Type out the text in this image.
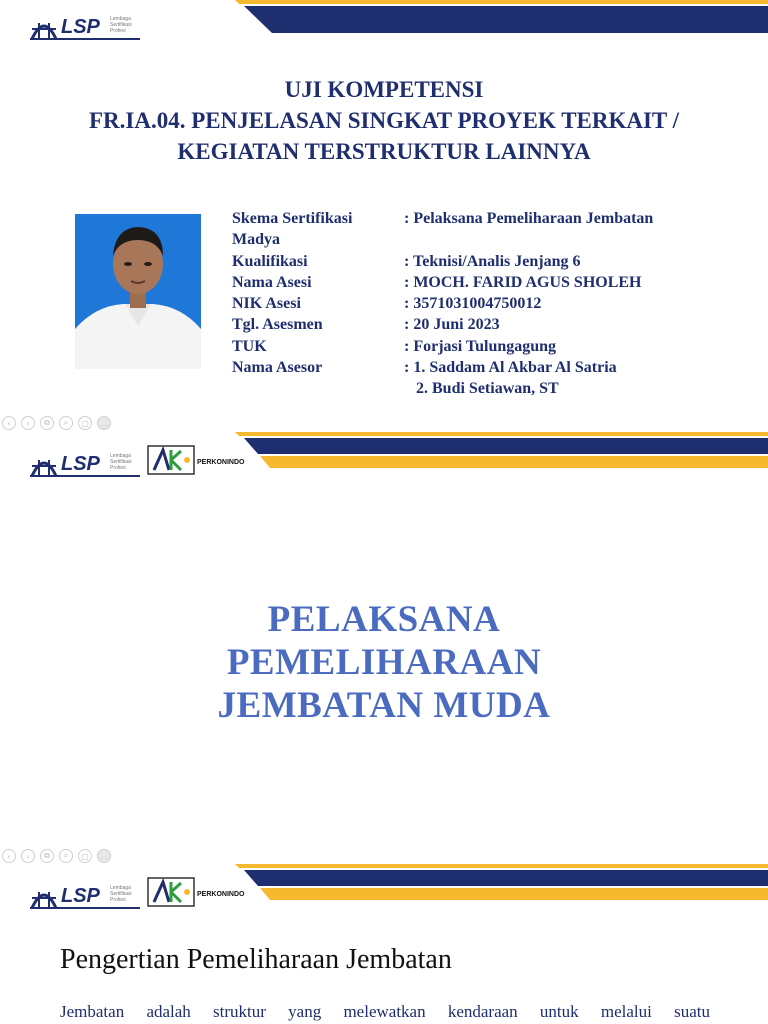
LSP Lembaga
Sertifikasi
Profesi
UJI KOMPETENSI
FR.IA.04. PENJELASAN SINGKAT PROYEK TERKAIT /
KEGIATAN TERSTRUKTUR LAINNYA
Skema Sertifikasi	: Pelaksana Pemeliharaan Jembatan
Madya
Kualifikasi	: Teknisi/Analis Jenjang 6
Nama Asesi	: MOCH. FARID AGUS SHOLEH
NIK Asesi	: 3571031004750012
Tgl. Asesmen	: 20 Juni 2023
TUK	: Forjasi Tulungagung
Nama Asesor	: 1. Saddam Al Akbar Al Satria
2. Budi Setiawan, ST
‹	›	⧉	⌕	▢	…
LSP Lembaga
Sertifikasi
Profesi
PERKONINDO
PELAKSANA
PEMELIHARAAN
JEMBATAN MUDA
‹	›	⧉	⌕	▢	…
LSP Lembaga
Sertifikasi
Profesi
PERKONINDO
Pengertian Pemeliharaan Jembatan
Jembatan adalah struktur yang melewatkan kendaraan untuk melalui suatu
